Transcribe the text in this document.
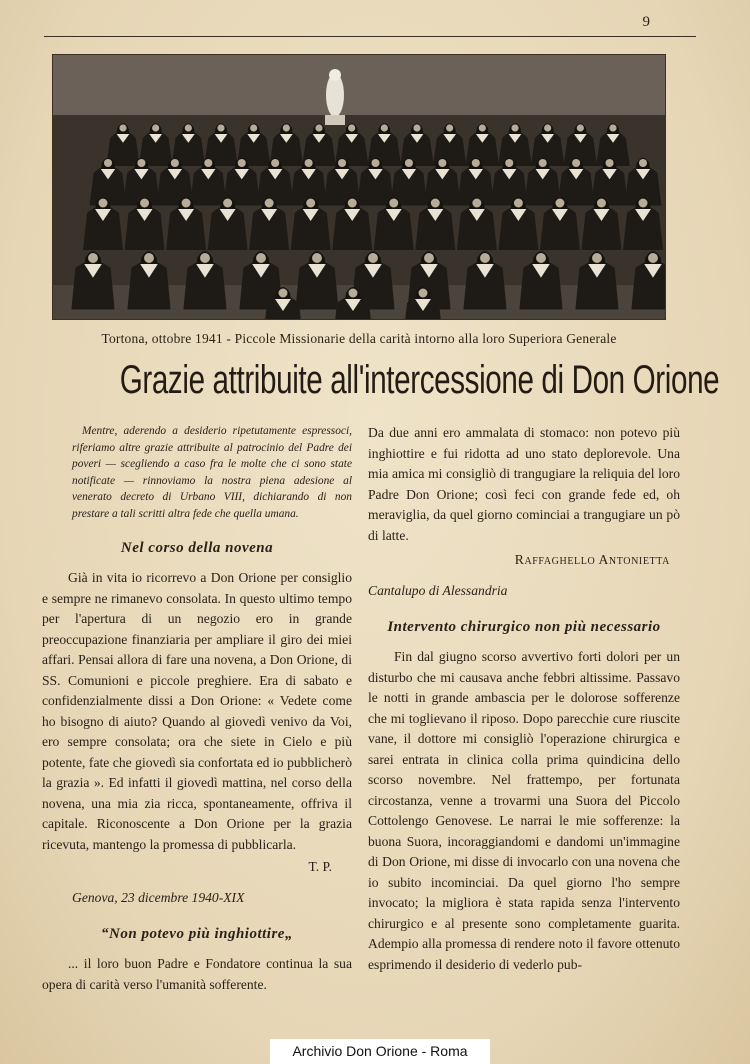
9
Tortona, ottobre 1941 - Piccole Missionarie della carità intorno alla loro Superiora Generale
Grazie attribuite all'intercessione di Don Orione

Mentre, aderendo a desiderio ripetutamente espressoci, riferiamo altre grazie attribuite al patrocinio del Padre dei poveri — scegliendo a caso fra le molte che ci sono state notificate — rinnoviamo la nostra piena adesione al venerato decreto di Urbano VIII, dichiarando di non prestare a tali scritti altra fede che quella umana.

Nel corso della novena

Già in vita io ricorrevo a Don Orione per consiglio e sempre ne rimanevo consolata. In questo ultimo tempo per l'apertura di un negozio ero in grande preoccupazione finanziaria per ampliare il giro dei miei affari. Pensai allora di fare una novena, a Don Orione, di SS. Comunioni e piccole preghiere. Era di sabato e confidenzialmente dissi a Don Orione: « Vedete come ho bisogno di aiuto? Quando al giovedì venivo da Voi, ero sempre consolata; ora che siete in Cielo e più potente, fate che giovedì sia confortata ed io pubblicherò la grazia ». Ed infatti il giovedì mattina, nel corso della novena, una mia zia ricca, spontaneamente, offriva il capitale. Riconoscente a Don Orione per la grazia ricevuta, mantengo la promessa di pubblicarla.

T. P.

Genova, 23 dicembre 1940-XIX

“Non potevo più inghiottire„

... il loro buon Padre e Fondatore continua la sua opera di carità verso l'umanità sofferente.

Da due anni ero ammalata di stomaco: non potevo più inghiottire e fui ridotta ad uno stato deplorevole. Una mia amica mi consigliò di trangugiare la reliquia del loro Padre Don Orione; così feci con grande fede ed, oh meraviglia, da quel giorno cominciai a trangugiare un pò di latte.

Raffaghello Antonietta

Cantalupo di Alessandria

Intervento chirurgico non più necessario

Fin dal giugno scorso avvertivo forti dolori per un disturbo che mi causava anche febbri altissime. Passavo le notti in grande ambascia per le dolorose sofferenze che mi toglievano il riposo. Dopo parecchie cure riuscite vane, il dottore mi consigliò l'operazione chirurgica e sarei entrata in clinica colla prima quindicina dello scorso novembre. Nel frattempo, per fortunata circostanza, venne a trovarmi una Suora del Piccolo Cottolengo Genovese. Le narrai le mie sofferenze: la buona Suora, incoraggiandomi e dandomi un'immagine di Don Orione, mi disse di invocarlo con una novena che io subito incominciai. Da quel giorno l'ho sempre invocato; la migliora è stata rapida senza l'intervento chirurgico e al presente sono completamente guarita. Adempio alla promessa di rendere noto il favore ottenuto esprimendo il desiderio di vederlo pub-

Archivio Don Orione - Roma
